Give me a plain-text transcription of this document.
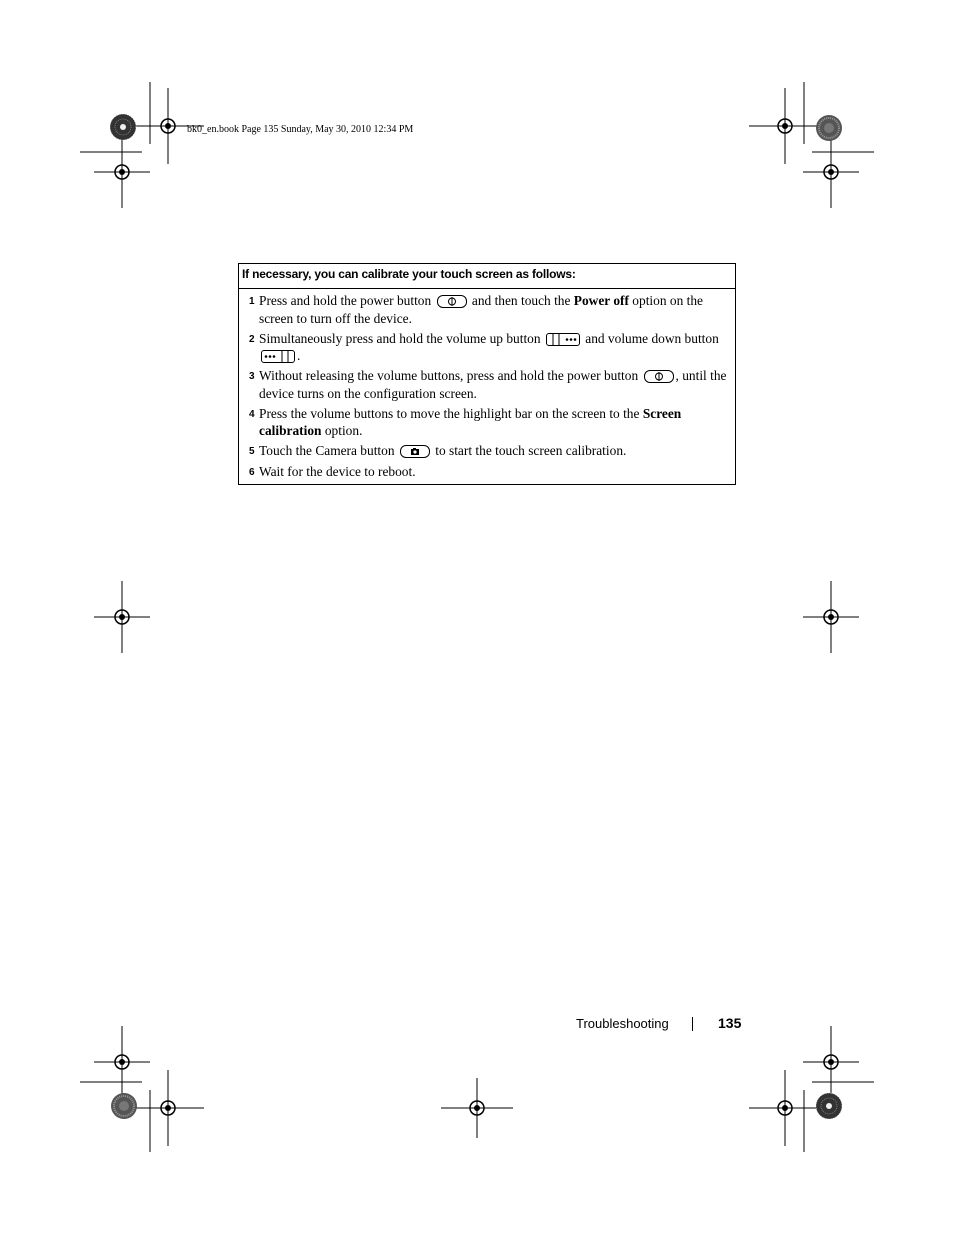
bk0_en.book Page 135 Sunday, May 30, 2010 12:34 PM
If necessary, you can calibrate your touch screen as follows:
1 Press and hold the power button	and then touch the Power off option on the screen to turn off the device.
2 Simultaneously press and hold the volume up button	and volume down button
.
3 Without releasing the volume buttons, press and hold the power button	, until the device turns on the configuration screen.
4 Press the volume buttons to move the highlight bar on the screen to the Screen calibration option.
5 Touch the Camera button	to start the touch screen calibration.
6 Wait for the device to reboot.
Troubleshooting	135
